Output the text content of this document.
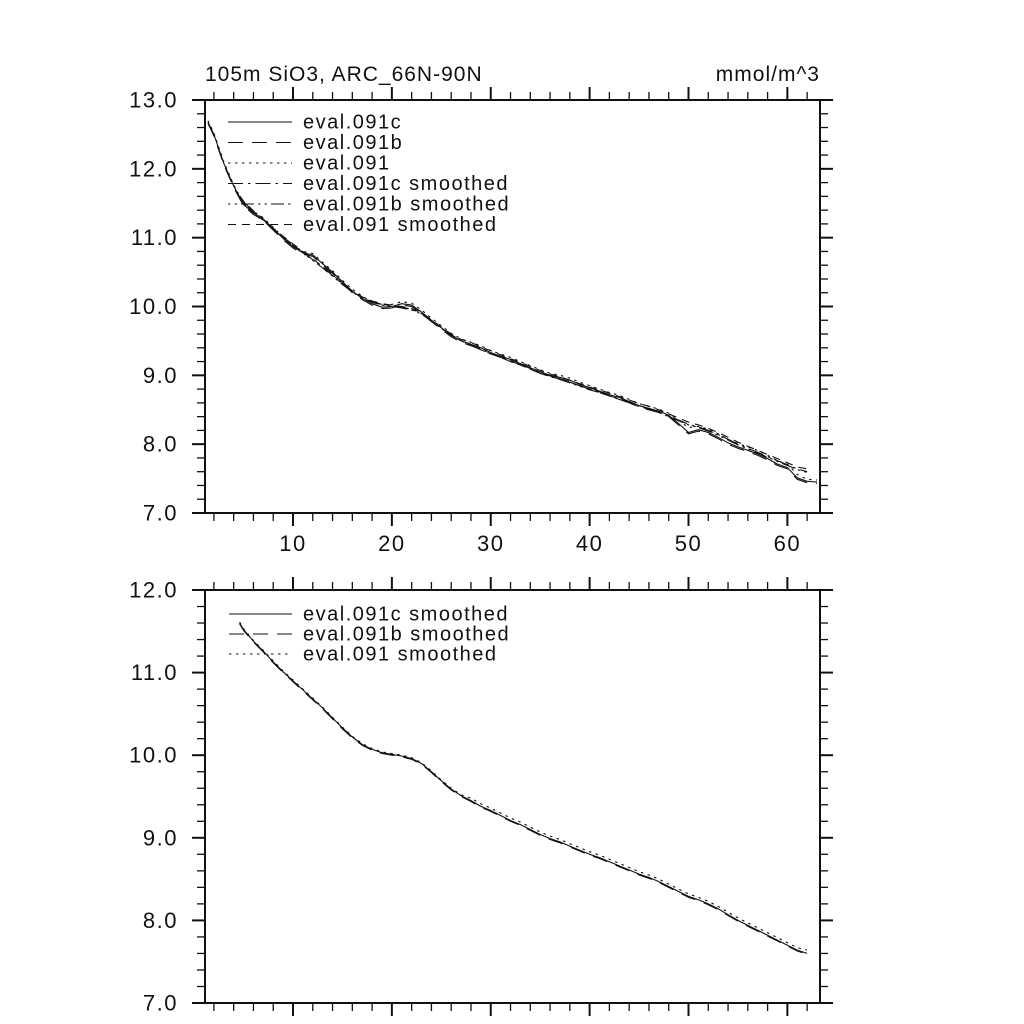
10	20	30	40	50	60
7.0
8.0
9.0
10.0
11.0
12.0
13.0
eval.091c
eval.091b
eval.091
eval.091c smoothed
eval.091b smoothed
eval.091 smoothed
105m SiO3, ARC_66N-90N	mmol/m^3
7.0
8.0
9.0
10.0
11.0
12.0
eval.091c smoothed
eval.091b smoothed
eval.091 smoothed
